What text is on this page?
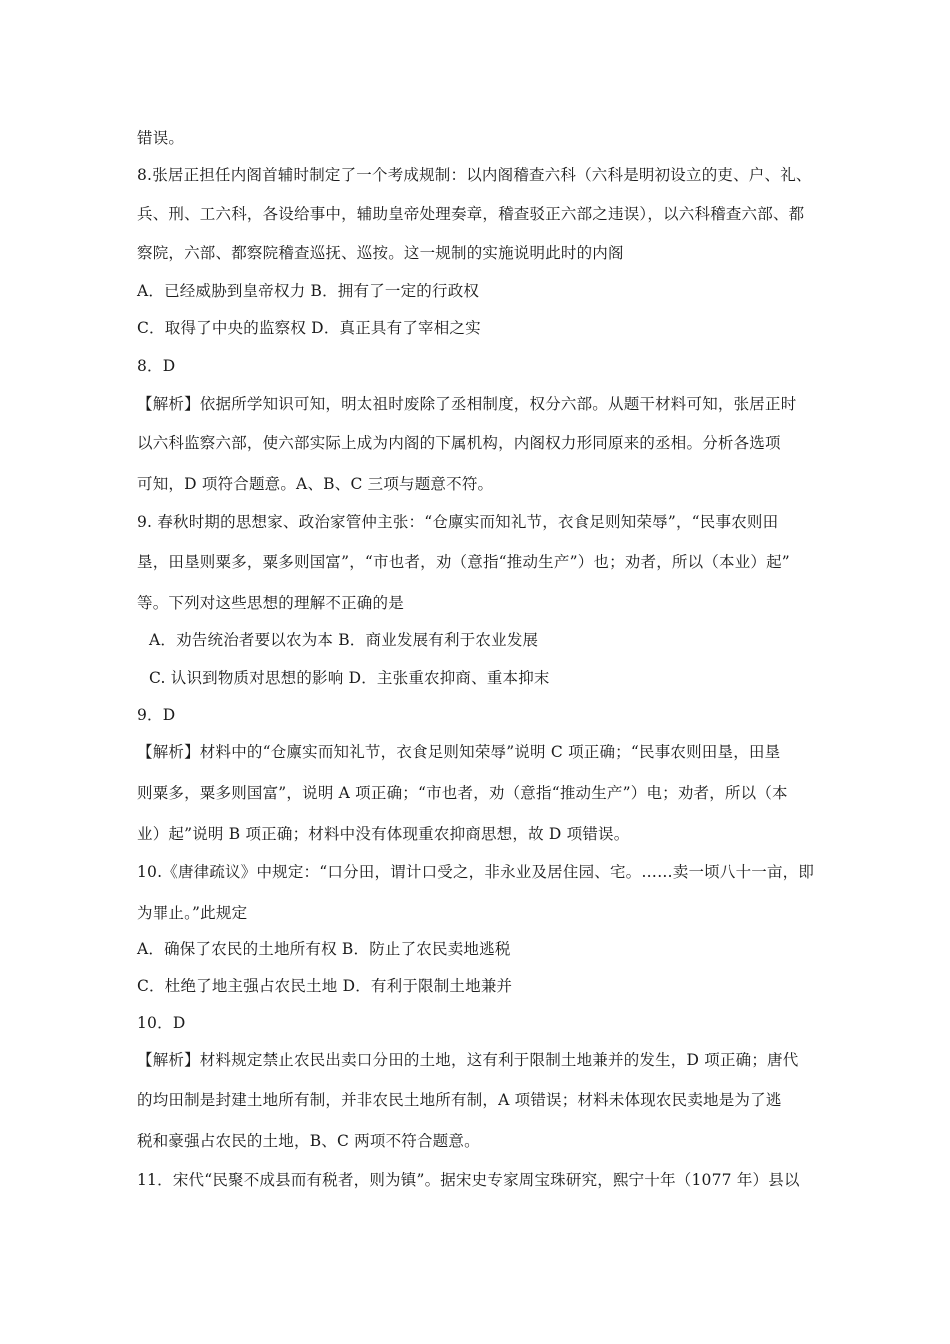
错误。
8.张居正担任内阁首辅时制定了一个考成规制：以内阁稽查六科（六科是明初设立的吏、户、礼、
兵、刑、工六科，各设给事中，辅助皇帝处理奏章，稽查驳正六部之违误），以六科稽查六部、都
察院，六部、都察院稽查巡抚、巡按。这一规制的实施说明此时的内阁
A．已经威胁到皇帝权力 B．拥有了一定的行政权
C．取得了中央的监察权 D．真正具有了宰相之实
8．D
【解析】依据所学知识可知，明太祖时废除了丞相制度，权分六部。从题干材料可知，张居正时
以六科监察六部，使六部实际上成为内阁的下属机构，内阁权力形同原来的丞相。分析各选项
可知，D 项符合题意。A、B、C 三项与题意不符。
9. 春秋时期的思想家、政治家管仲主张：“仓廪实而知礼节，衣食足则知荣辱”，“民事农则田
垦，田垦则粟多，粟多则国富”，“市也者，劝（意指“推动生产”）也；劝者，所以（本业）起”
等。下列对这些思想的理解不正确的是
A．劝告统治者要以农为本 B．商业发展有利于农业发展
C. 认识到物质对思想的影响 D．主张重农抑商、重本抑末
9．D
【解析】材料中的“仓廪实而知礼节，衣食足则知荣辱”说明 C 项正确；“民事农则田垦，田垦
则粟多，粟多则国富”，说明 A 项正确；“市也者，劝（意指“推动生产”）电；劝者，所以（本
业）起”说明 B 项正确；材料中没有体现重农抑商思想，故 D 项错误。
10.《唐律疏议》中规定：“口分田，谓计口受之，非永业及居住园、宅。……卖一顷八十一亩，即
为罪止。”此规定
A．确保了农民的土地所有权 B．防止了农民卖地逃税
C．杜绝了地主强占农民土地 D．有利于限制土地兼并
10．D
【解析】材料规定禁止农民出卖口分田的土地，这有利于限制土地兼并的发生，D 项正确；唐代
的均田制是封建土地所有制，并非农民土地所有制，A 项错误；材料未体现农民卖地是为了逃
税和豪强占农民的土地，B、C 两项不符合题意。
11．宋代“民聚不成县而有税者，则为镇”。据宋史专家周宝珠研究，熙宁十年（1077 年）县以
